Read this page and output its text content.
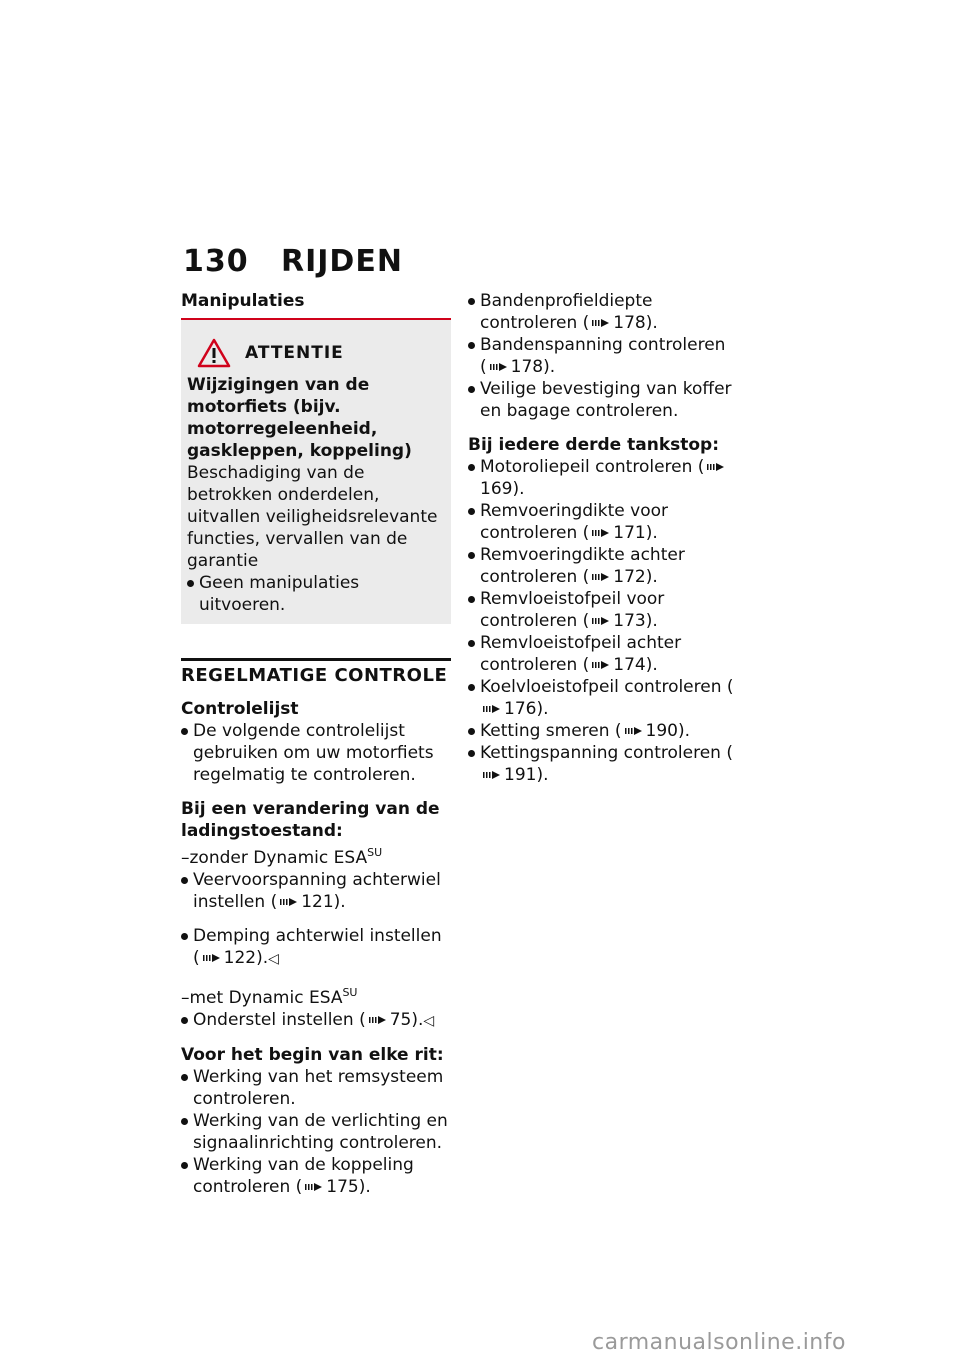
130 RIJDEN
Manipulaties
ATTENTIE
Wijzigingen van de motorfiets (bijv. motorregeleenheid, gaskleppen, koppeling)
Beschadiging van de betrokken onderdelen, uitvallen veiligheidsrelevante functies, vervallen van de garantie
Geen manipulaties uitvoeren.
REGELMATIGE CONTROLE
Controlelijst
De volgende controlelijst gebruiken om uw motorfiets regelmatig te controleren.
Bij een verandering van de ladingstoestand:
–zonder Dynamic $ESA^{SU}$
Veervoorspanning achterwiel instellen ( 121).
Demping achterwiel instellen ( 122).◁
–met Dynamic $ESA^{SU}$
Onderstel instellen ( 75).◁
Voor het begin van elke rit:
Werking van het remsysteem controleren.
Werking van de verlichting en signaalinrichting controleren.
Werking van de koppeling controleren ( 175).
Bandenprofieldiepte controleren ( 178).
Bandenspanning controleren ( 178).
Veilige bevestiging van koffer en bagage controleren.
Bij iedere derde tankstop:
Motoroliepeil controleren (169).
Remvoeringdikte voor controleren ( 171).
Remvoeringdikte achter controleren ( 172).
Remvloeistofpeil voor controleren ( 173).
Remvloeistofpeil achter controleren ( 174).
Koelvloeistofpeil controleren (176).
Ketting smeren ( 190).
Kettingspanning controleren (191).
carmanualsonline.info
